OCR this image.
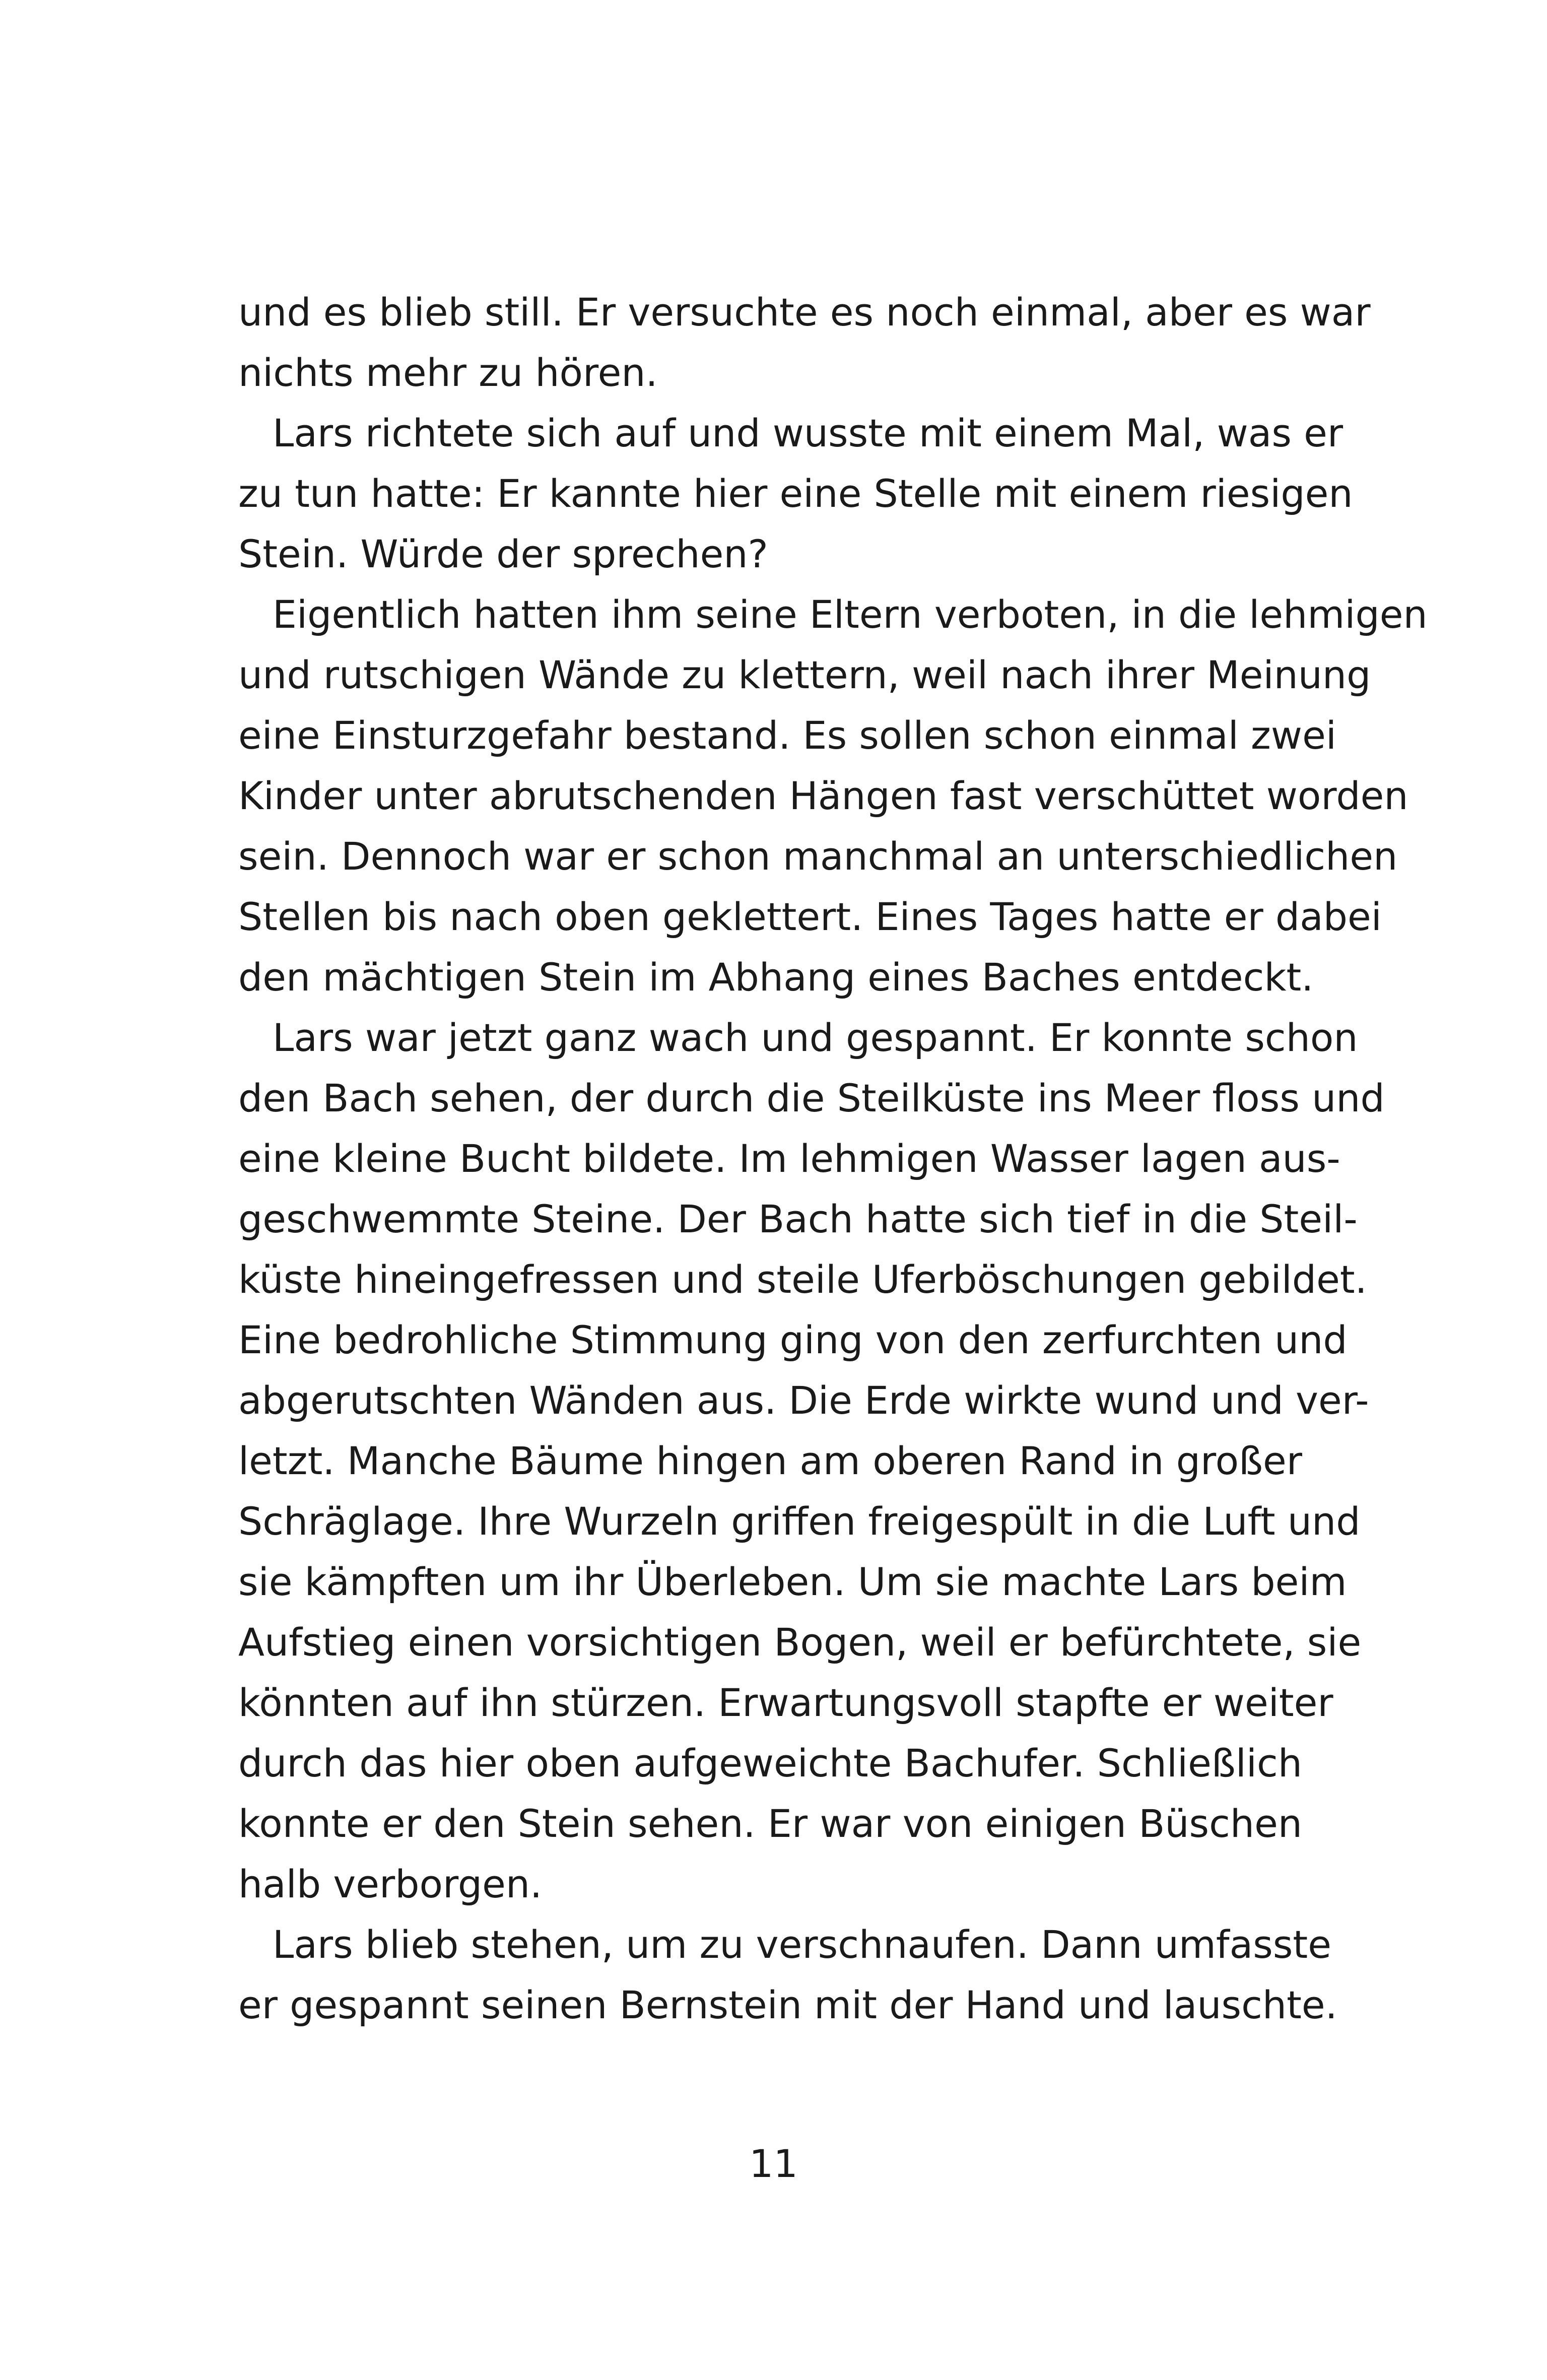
und es blieb still. Er versuchte es noch einmal, aber es war
nichts mehr zu hören.
Lars richtete sich auf und wusste mit einem Mal, was er
zu tun hatte: Er kannte hier eine Stelle mit einem riesigen
Stein. Würde der sprechen?
Eigentlich hatten ihm seine Eltern verboten, in die lehmigen
und rutschigen Wände zu klettern, weil nach ihrer Meinung
eine Einsturzgefahr bestand. Es sollen schon einmal zwei
Kinder unter abrutschenden Hängen fast verschüttet worden
sein. Dennoch war er schon manchmal an unterschiedlichen
Stellen bis nach oben geklettert. Eines Tages hatte er dabei
den mächtigen Stein im Abhang eines Baches entdeckt.
Lars war jetzt ganz wach und gespannt. Er konnte schon
den Bach sehen, der durch die Steilküste ins Meer floss und
eine kleine Bucht bildete. Im lehmigen Wasser lagen aus-
geschwemmte Steine. Der Bach hatte sich tief in die Steil-
küste hineingefressen und steile Uferböschungen gebildet.
Eine bedrohliche Stimmung ging von den zerfurchten und
abgerutschten Wänden aus. Die Erde wirkte wund und ver-
letzt. Manche Bäume hingen am oberen Rand in großer
Schräglage. Ihre Wurzeln griffen freigespült in die Luft und
sie kämpften um ihr Überleben. Um sie machte Lars beim
Aufstieg einen vorsichtigen Bogen, weil er befürchtete, sie
könnten auf ihn stürzen. Erwartungsvoll stapfte er weiter
durch das hier oben aufgeweichte Bachufer. Schließlich
konnte er den Stein sehen. Er war von einigen Büschen
halb verborgen.
Lars blieb stehen, um zu verschnaufen. Dann umfasste
er gespannt seinen Bernstein mit der Hand und lauschte.
11
